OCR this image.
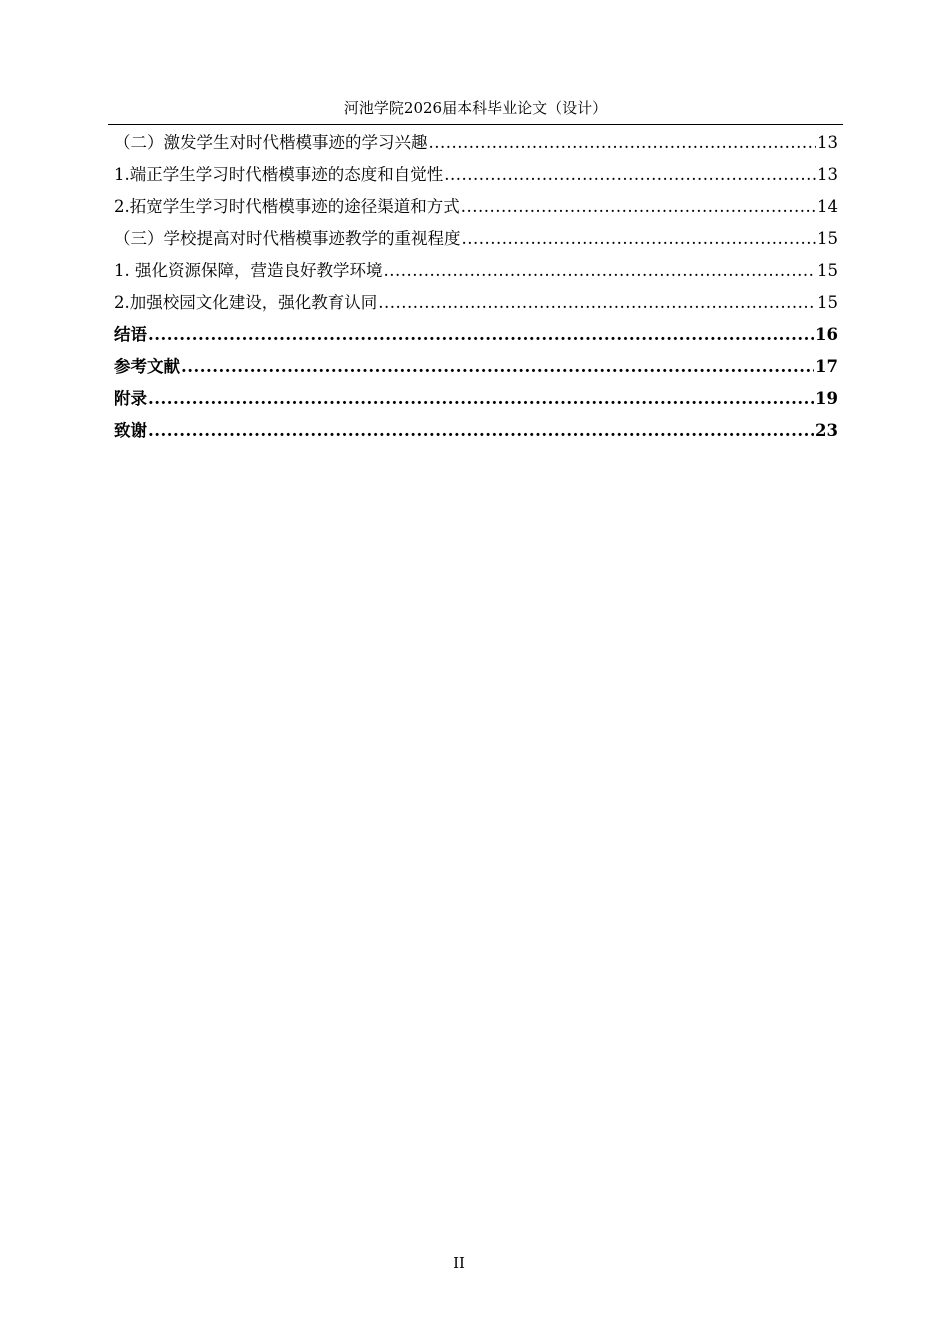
河池学院2026届本科毕业论文（设计）
（二）激发学生对时代楷模事迹的学习兴趣 .....	13
1.端正学生学习时代楷模事迹的态度和自觉性 .....	13
2.拓宽学生学习时代楷模事迹的途径渠道和方式 .....	14
（三）学校提高对时代楷模事迹教学的重视程度 .....	15
1. 强化资源保障，营造良好教学环境 .....	15
2.加强校园文化建设，强化教育认同 .....	15
结语 .....	16
参考文献 .....	17
附录 .....	19
致谢 .....	23
II
